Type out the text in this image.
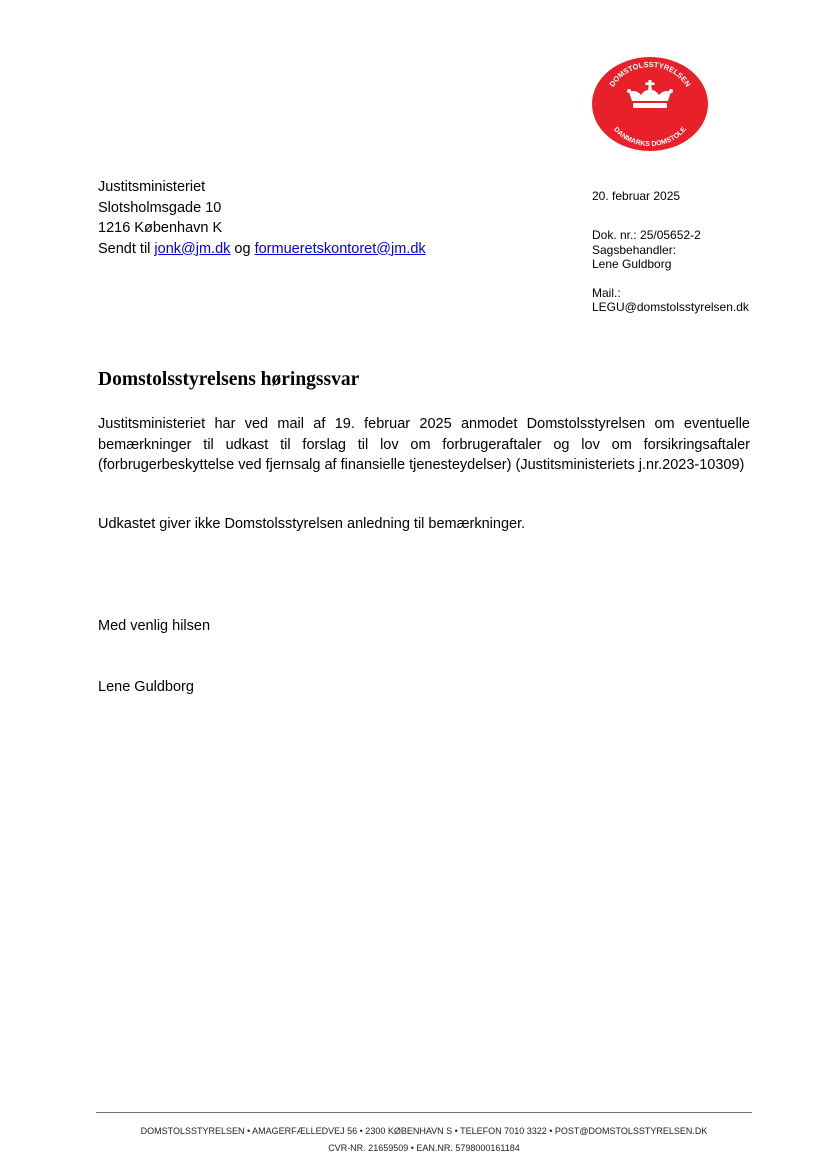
DOMSTOLSSTYRELSEN
DANMARKS DOMSTOLE
Justitsministeriet
Slotsholmsgade 10
1216 København K
Sendt til jonk@jm.dk og formueretskontoret@jm.dk
20. februar 2025
Dok. nr.: 25/05652-2
Sagsbehandler:
Lene Guldborg
Mail.:
LEGU@domstolsstyrelsen.dk
Domstolsstyrelsens høringssvar
Justitsministeriet har ved mail af 19. februar 2025 anmodet Domstolsstyrelsen om eventuelle bemærkninger til udkast til forslag til lov om forbrugeraftaler og lov om forsikringsaftaler (forbrugerbeskyttelse ved fjernsalg af finansielle tjenesteydelser) (Justitsministeriets j.nr.2023-10309)
Udkastet giver ikke Domstolsstyrelsen anledning til bemærkninger.
Med venlig hilsen
Lene Guldborg
DOMSTOLSSTYRELSEN • AMAGERFÆLLEDVEJ 56 • 2300 KØBENHAVN S • TELEFON 7010 3322 • POST@DOMSTOLSSTYRELSEN.DK
CVR-NR. 21659509 • EAN.NR. 5798000161184
